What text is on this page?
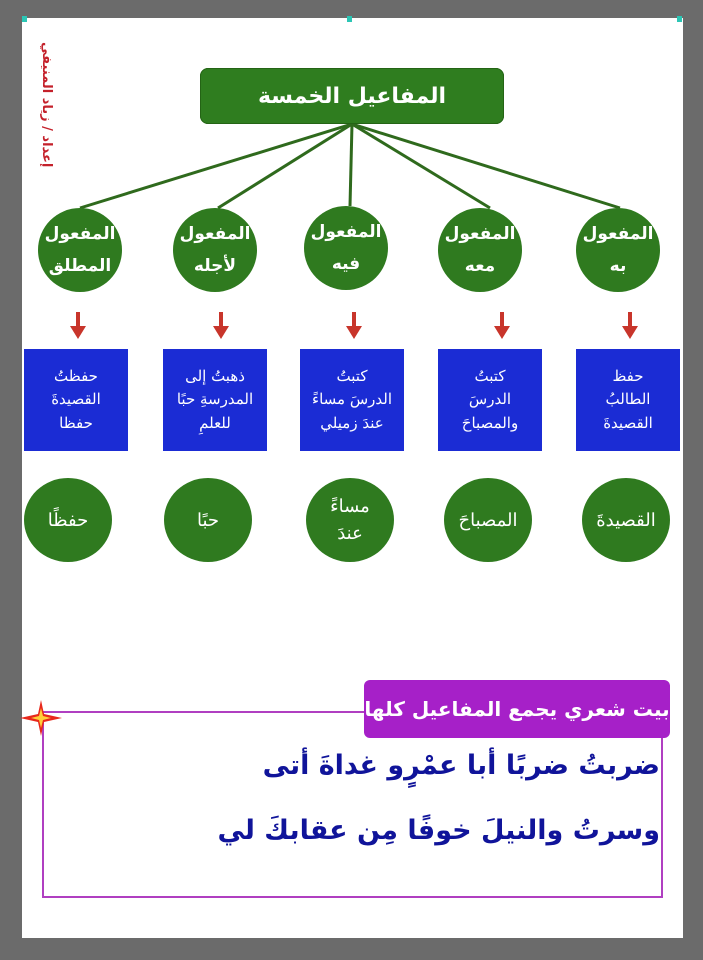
إعداد / زياد المنيفي	المفاعيل الخمسة
المفعول
به
المفعول
معه
المفعول
فيه
المفعول
لأجله
المفعول
المطلق
حفظ
الطالبُ
القصيدةَ
كتبتُ
الدرسَ
والمصباحَ
كتبتُ
الدرسَ مساءً
عندَ زميلي
ذهبتُ إلى
المدرسةِ حبًا
للعلمِ
حفظتُ
القصيدةَ
حفظا
القصيدةَ
المصباحَ
مساءً
عندَ
حبًا
حفظًا
بيت شعري يجمع المفاعيل كلها
ضربتُ ضربًا أبا عمْرٍو غداةَ أتى
وسرتُ والنيلَ خوفًا مِن عقابكَ لي
